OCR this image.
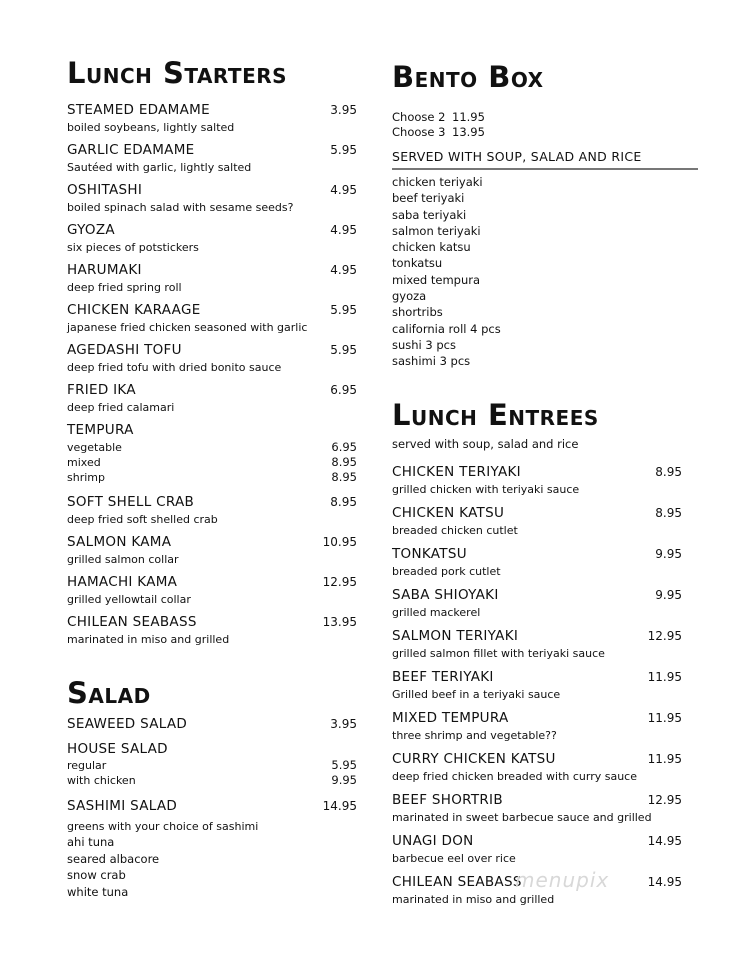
Lunch Starters
STEAMED EDAMAME	3.95
boiled soybeans, lightly salted
GARLIC EDAMAME	5.95
Sautéed with garlic, lightly salted
OSHITASHI	4.95
boiled spinach salad with sesame seeds?
GYOZA	4.95
six pieces of potstickers
HARUMAKI	4.95
deep fried spring roll
CHICKEN KARAAGE	5.95
japanese fried chicken seasoned with garlic
AGEDASHI TOFU	5.95
deep fried tofu with dried bonito sauce
FRIED IKA	6.95
deep fried calamari
TEMPURA
vegetable	6.95
mixed	8.95
shrimp	8.95
SOFT SHELL CRAB	8.95
deep fried soft shelled crab
SALMON KAMA	10.95
grilled salmon collar
HAMACHI KAMA	12.95
grilled yellowtail collar
CHILEAN SEABASS	13.95
marinated in miso and grilled
Salad
SEAWEED SALAD	3.95
HOUSE SALAD
regular	5.95
with chicken	9.95
SASHIMI SALAD	14.95
greens with your choice of sashimi
ahi tuna
seared albacore
snow crab
white tuna
Bento Box
Choose 2 11.95
Choose 3 13.95
SERVED WITH SOUP, SALAD AND RICE
chicken teriyaki
beef teriyaki
saba teriyaki
salmon teriyaki
chicken katsu
tonkatsu
mixed tempura
gyoza
shortribs
california roll 4 pcs
sushi 3 pcs
sashimi 3 pcs
Lunch Entrees
served with soup, salad and rice
CHICKEN TERIYAKI	8.95
grilled chicken with teriyaki sauce
CHICKEN KATSU	8.95
breaded chicken cutlet
TONKATSU	9.95
breaded pork cutlet
SABA SHIOYAKI	9.95
grilled mackerel
SALMON TERIYAKI	12.95
grilled salmon fillet with teriyaki sauce
BEEF TERIYAKI	11.95
Grilled beef in a teriyaki sauce
MIXED TEMPURA	11.95
three shrimp and vegetable??
CURRY CHICKEN KATSU	11.95
deep fried chicken breaded with curry sauce
BEEF SHORTRIB	12.95
marinated in sweet barbecue sauce and grilled
UNAGI DON	14.95
barbecue eel over rice
CHILEAN SEABASS	14.95
marinated in miso and grilled
menupix
